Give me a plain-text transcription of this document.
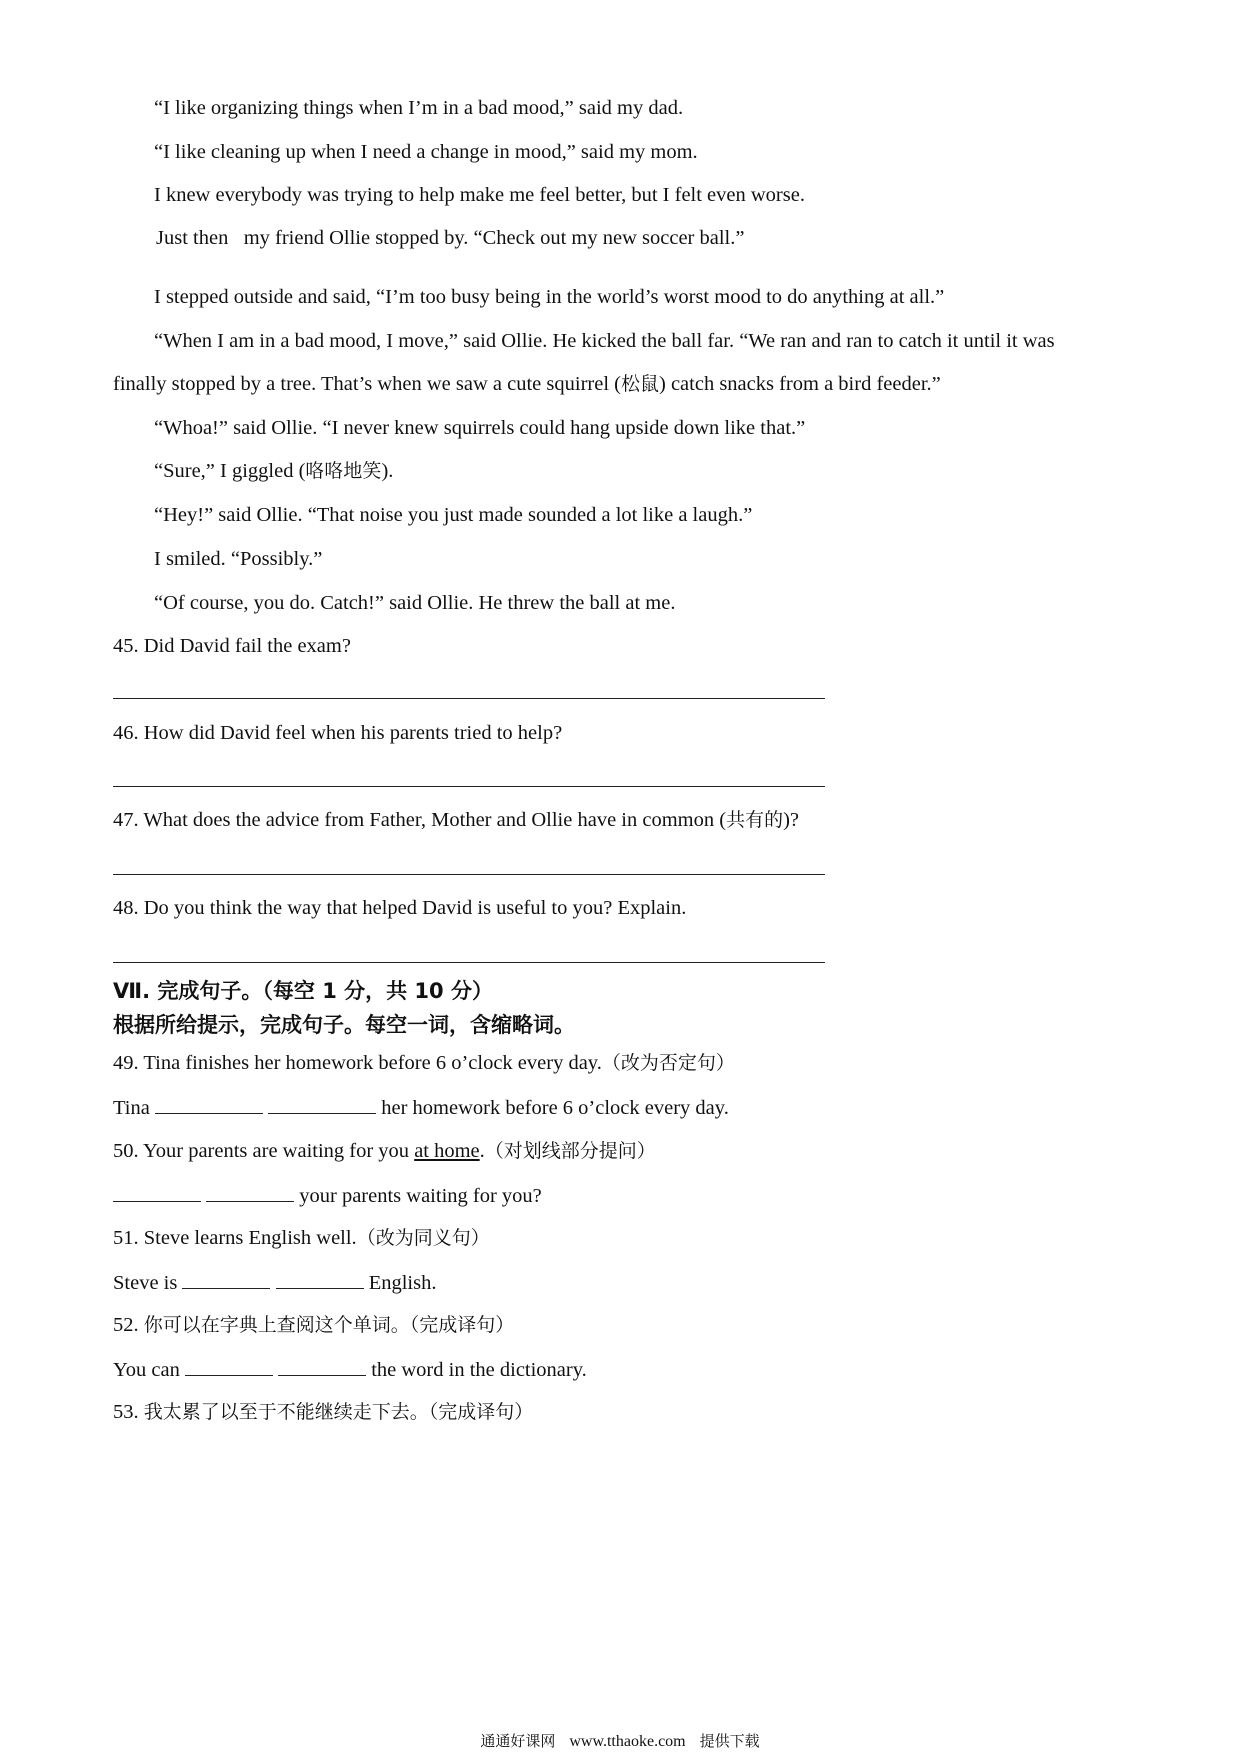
“I like organizing things when I’m in a bad mood,” said my dad.
“I like cleaning up when I need a change in mood,” said my mom.
I knew everybody was trying to help make me feel better, but I felt even worse.
Just then   my friend Ollie stopped by. “Check out my new soccer ball.”
I stepped outside and said, “I’m too busy being in the world’s worst mood to do anything at all.”
“When I am in a bad mood, I move,” said Ollie. He kicked the ball far. “We ran and ran to catch it until it was
finally stopped by a tree. That’s when we saw a cute squirrel (松鼠) catch snacks from a bird feeder.”
“Whoa!” said Ollie. “I never knew squirrels could hang upside down like that.”
“Sure,” I giggled (咯咯地笑).
“Hey!” said Ollie. “That noise you just made sounded a lot like a laugh.”
I smiled. “Possibly.”
“Of course, you do. Catch!” said Ollie. He threw the ball at me.
45. Did David fail the exam?
46. How did David feel when his parents tried to help?
47. What does the advice from Father, Mother and Ollie have in common (共有的)?
48. Do you think the way that helped David is useful to you? Explain.
Ⅶ. 完成句子。（每空 1 分，共 10 分）
根据所给提示，完成句子。每空一词，含缩略词。
49. Tina finishes her homework before 6 o’clock every day.（改为否定句）
Tina	her homework before 6 o’clock every day.
50. Your parents are waiting for you at home.（对划线部分提问）
your parents waiting for you?
51. Steve learns English well.（改为同义句）
Steve is	English.
52. 你可以在字典上查阅这个单词。（完成译句）
You can	the word in the dictionary.
53. 我太累了以至于不能继续走下去。（完成译句）
通通好课网 www.tthaoke.com 提供下载
